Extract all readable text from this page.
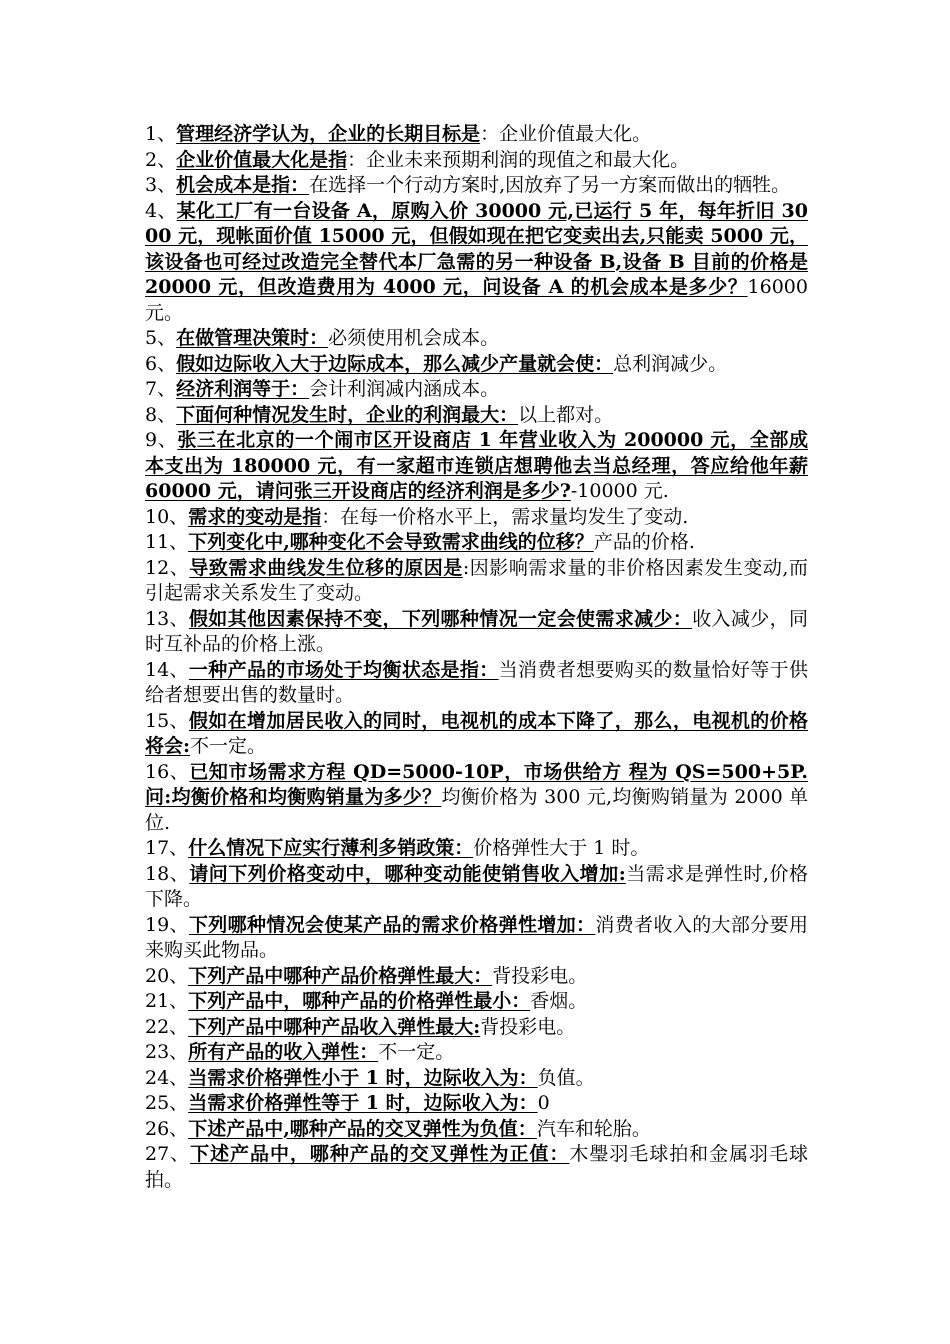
1、管理经济学认为，企业的长期目标是：企业价值最大化。

2、企业价值最大化是指：企业未来预期利润的现值之和最大化。

3、机会成本是指：在选择一个行动方案时,因放弃了另一方案而做出的牺牲。

4、某化工厂有一台设备 A，原购入价 30000 元,已运行 5 年，每年折旧 3000 元，现帐面价值 15000 元，但假如现在把它变卖出去,只能卖 5000 元，该设备也可经过改造完全替代本厂急需的另一种设备 B,设备 B 目前的价格是 20000 元，但改造费用为 4000 元，问设备 A 的机会成本是多少？16000 元。

5、在做管理决策时：必须使用机会成本。

6、假如边际收入大于边际成本，那么减少产量就会使：总利润减少。

7、经济利润等于：会计利润减内涵成本。

8、下面何种情况发生时，企业的利润最大：以上都对。

9、张三在北京的一个闹市区开设商店 1 年营业收入为 200000 元，全部成本支出为 180000 元，有一家超市连锁店想聘他去当总经理，答应给他年薪 60000 元，请问张三开设商店的经济利润是多少?-10000 元.

10、需求的变动是指：在每一价格水平上，需求量均发生了变动.

11、下列变化中,哪种变化不会导致需求曲线的位移？产品的价格.

12、导致需求曲线发生位移的原因是:因影响需求量的非价格因素发生变动,而引起需求关系发生了变动。

13、假如其他因素保持不变，下列哪种情况一定会使需求减少：收入减少，同时互补品的价格上涨。

14、一种产品的市场处于均衡状态是指：当消费者想要购买的数量恰好等于供给者想要出售的数量时。

15、假如在增加居民收入的同时，电视机的成本下降了，那么，电视机的价格将会:不一定。

16、已知市场需求方程 QD=5000-10P，市场供给方 程为 QS=500+5P.问:均衡价格和均衡购销量为多少？均衡价格为 300 元,均衡购销量为 2000 单位.

17、什么情况下应实行薄利多销政策：价格弹性大于 1 时。

18、请问下列价格变动中，哪种变动能使销售收入增加:当需求是弹性时,价格下降。

19、下列哪种情况会使某产品的需求价格弹性增加：消费者收入的大部分要用来购买此物品。

20、下列产品中哪种产品价格弹性最大：背投彩电。

21、下列产品中，哪种产品的价格弹性最小：香烟。

22、下列产品中哪种产品收入弹性最大:背投彩电。

23、所有产品的收入弹性：不一定。

24、当需求价格弹性小于 1 时，边际收入为：负值。

25、当需求价格弹性等于 1 时，边际收入为：0

26、下述产品中,哪种产品的交叉弹性为负值：汽车和轮胎。

27、下述产品中，哪种产品的交叉弹性为正值：木璺羽毛球拍和金属羽毛球拍。
